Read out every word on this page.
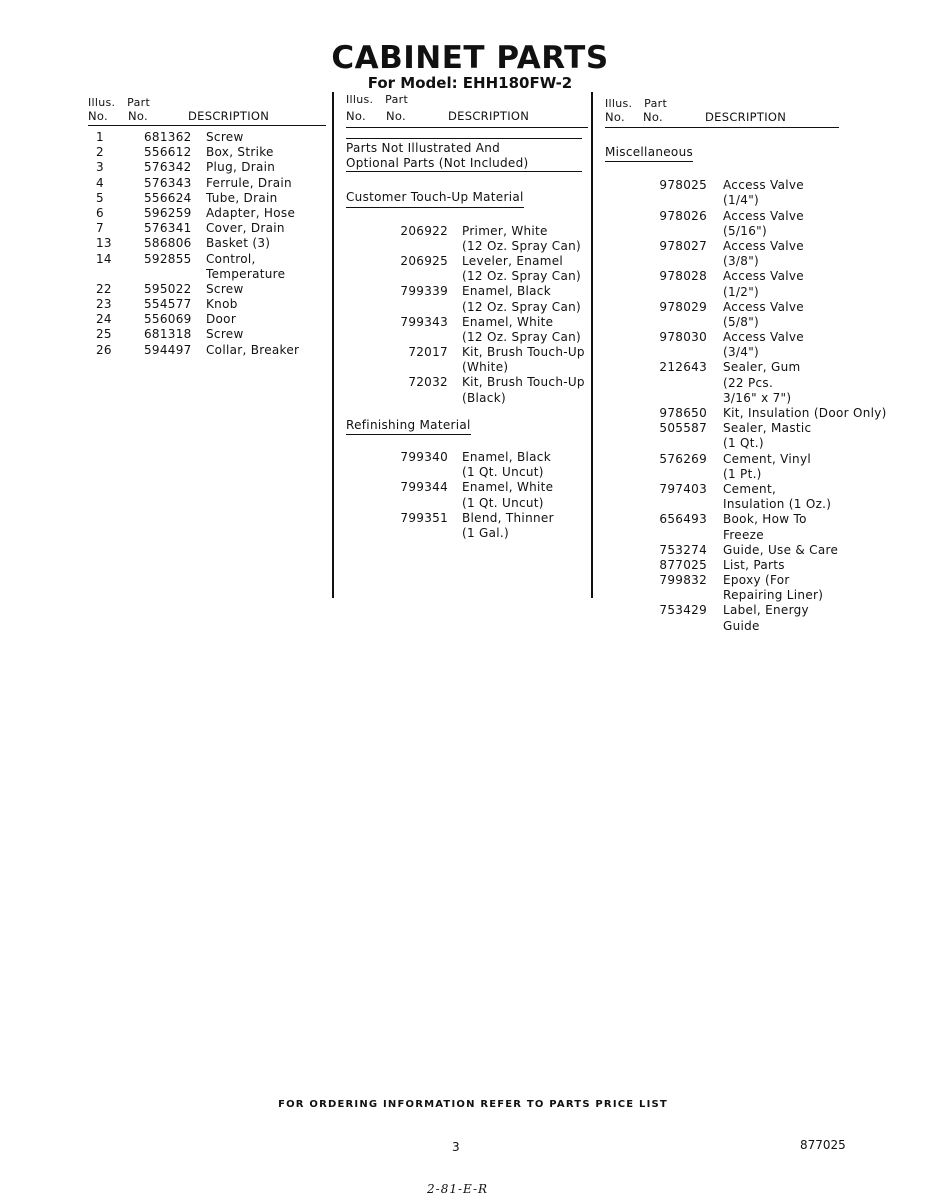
CABINET PARTS
For Model: EHH180FW-2
Illus. Part
No. No.	DESCRIPTION
1	681362	Screw
2	556612	Box, Strike
3	576342	Plug, Drain
4	576343	Ferrule, Drain
5	556624	Tube, Drain
6	596259	Adapter, Hose
7	576341	Cover, Drain
13	586806	Basket (3)
14	592855	Control,
Temperature
22	595022	Screw
23	554577	Knob
24	556069	Door
25	681318	Screw
26	594497	Collar, Breaker
Illus. Part
No. No.	DESCRIPTION
Parts Not Illustrated And
Optional Parts (Not Included)
Customer Touch-Up Material
206922 Primer, White
(12 Oz. Spray Can)
206925 Leveler, Enamel
(12 Oz. Spray Can)
799339 Enamel, Black
(12 Oz. Spray Can)
799343 Enamel, White
(12 Oz. Spray Can)
72017 Kit, Brush Touch-Up
(White)
72032 Kit, Brush Touch-Up
(Black)
Refinishing Material
799340 Enamel, Black
(1 Qt. Uncut)
799344 Enamel, White
(1 Qt. Uncut)
799351 Blend, Thinner
(1 Gal.)
Illus. Part
No. No.	DESCRIPTION
Miscellaneous
978025 Access Valve
(1/4")
978026 Access Valve
(5/16")
978027 Access Valve
(3/8")
978028 Access Valve
(1/2")
978029 Access Valve
(5/8")
978030 Access Valve
(3/4")
212643 Sealer, Gum
(22 Pcs.
3/16" x 7")
978650 Kit, Insulation (Door Only)
505587 Sealer, Mastic
(1 Qt.)
576269 Cement, Vinyl
(1 Pt.)
797403 Cement,
Insulation (1 Oz.)
656493 Book, How To
Freeze
753274 Guide, Use & Care
877025 List, Parts
799832 Epoxy (For
Repairing Liner)
753429 Label, Energy
Guide
FOR ORDERING INFORMATION REFER TO PARTS PRICE LIST
3	877025
2-81-E-R
